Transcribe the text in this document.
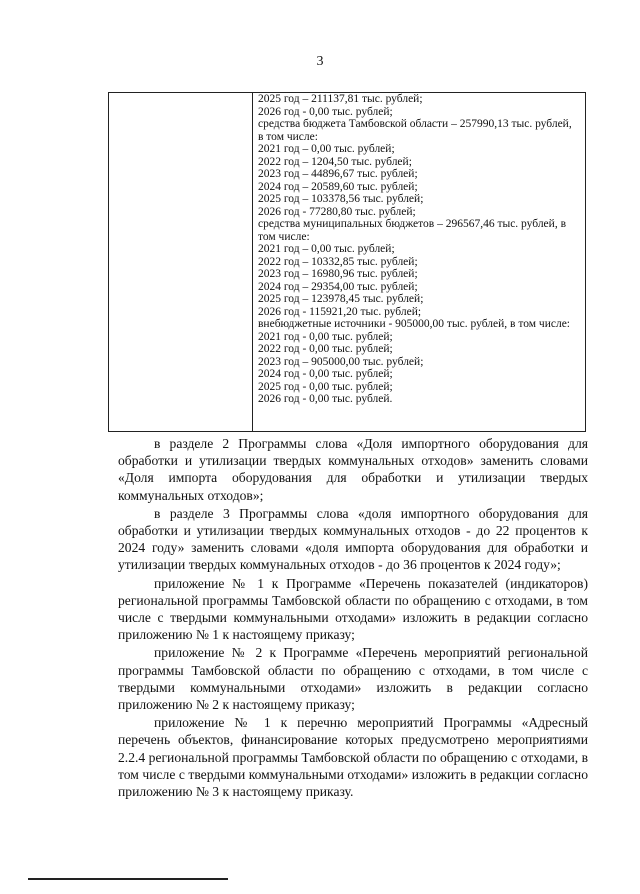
3
2025 год – 211137,81 тыс. рублей;
2026 год - 0,00 тыс. рублей;
средства бюджета Тамбовской области – 257990,13 тыс. рублей,
в том числе:
2021 год – 0,00 тыс. рублей;
2022 год – 1204,50 тыс. рублей;
2023 год – 44896,67 тыс. рублей;
2024 год – 20589,60 тыс. рублей;
2025 год – 103378,56 тыс. рублей;
2026 год - 77280,80 тыс. рублей;
средства муниципальных бюджетов – 296567,46 тыс. рублей, в
том числе:
2021 год – 0,00 тыс. рублей;
2022 год – 10332,85 тыс. рублей;
2023 год – 16980,96 тыс. рублей;
2024 год – 29354,00 тыс. рублей;
2025 год – 123978,45 тыс. рублей;
2026 год - 115921,20 тыс. рублей;
внебюджетные источники - 905000,00 тыс. рублей, в том числе:
2021 год - 0,00 тыс. рублей;
2022 год - 0,00 тыс. рублей;
2023 год – 905000,00 тыс. рублей;
2024 год - 0,00 тыс. рублей;
2025 год - 0,00 тыс. рублей;
2026 год - 0,00 тыс. рублей.

в разделе 2 Программы слова «Доля импортного оборудования для обработки и утилизации твердых коммунальных отходов» заменить словами «Доля импорта оборудования для обработки и утилизации твердых коммунальных отходов»;

в разделе 3 Программы слова «доля импортного оборудования для обработки и утилизации твердых коммунальных отходов - до 22 процентов к 2024 году» заменить словами «доля импорта оборудования для обработки и утилизации твердых коммунальных отходов - до 36 процентов к 2024 году»;

приложение № 1 к Программе «Перечень показателей (индикаторов) региональной программы Тамбовской области по обращению с отходами, в том числе с твердыми коммунальными отходами» изложить в редакции согласно приложению № 1 к настоящему приказу;

приложение № 2 к Программе «Перечень мероприятий региональной программы Тамбовской области по обращению с отходами, в том числе с твердыми коммунальными отходами» изложить в редакции согласно приложению № 2 к настоящему приказу;

приложение № 1 к перечню мероприятий Программы «Адресный перечень объектов, финансирование которых предусмотрено мероприятиями 2.2.4 региональной программы Тамбовской области по обращению с отходами, в том числе с твердыми коммунальными отходами» изложить в редакции согласно приложению № 3 к настоящему приказу.
